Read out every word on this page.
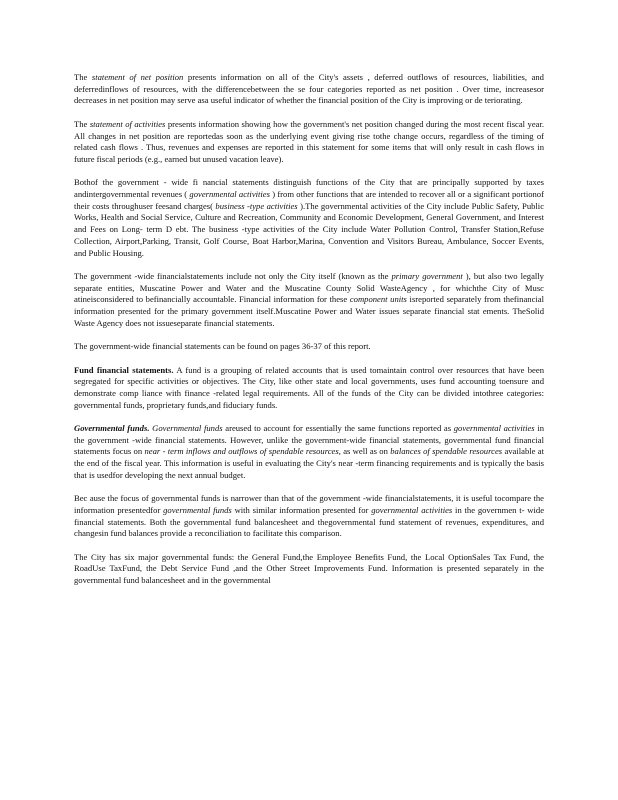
The statement of net position presents information on all of the City's assets , deferred outflows of resources, liabilities, and deferredinflows of resources, with the differencebetween the se four categories reported as net position . Over time, increasesor decreases in net position may serve asa useful indicator of whether the financial position of the City is improving or de teriorating.

The statement of activities presents information showing how the government's net position changed during the most recent fiscal year. All changes in net position are reportedas soon as the underlying event giving rise tothe change occurs, regardless of the timing of related cash flows . Thus, revenues and expenses are reported in this statement for some items that will only result in cash flows in future fiscal periods (e.g., earned but unused vacation leave).

Bothof the government - wide fi nancial statements distinguish functions of the City that are principally supported by taxes andintergovernmental revenues ( governmental activities ) from other functions that are intended to recover all or a significant portionof their costs throughuser feesand charges( business -type activities ).The governmental activities of the City include Public Safety, Public Works, Health and Social Service, Culture and Recreation, Community and Economic Development, General Government, and Interest and Fees on Long- term D ebt. The business -type activities of the City include Water Pollution Control, Transfer Station,Refuse Collection, Airport,Parking, Transit, Golf Course, Boat Harbor,Marina, Convention and Visitors Bureau, Ambulance, Soccer Events, and Public Housing.

The government -wide financialstatements include not only the City itself (known as the primary government ), but also two legally separate entities, Muscatine Power and Water and the Muscatine County Solid WasteAgency , for whichthe City of Musc atineisconsidered to befinancially accountable. Financial information for these component units isreported separately from thefinancial information presented for the primary government itself.Muscatine Power and Water issues separate financial stat ements. TheSolid Waste Agency does not issueseparate financial statements.

The government-wide financial statements can be found on pages 36-37 of this report.

Fund financial statements. A fund is a grouping of related accounts that is used tomaintain control over resources that have been segregated for specific activities or objectives. The City, like other state and local governments, uses fund accounting toensure and demonstrate comp liance with finance -related legal requirements. All of the funds of the City can be divided intothree categories: governmental funds, proprietary funds,and fiduciary funds.

Governmental funds. Governmental funds areused to account for essentially the same functions reported as governmental activities in the government -wide financial statements. However, unlike the government-wide financial statements, governmental fund financial statements focus on near - term inflows and outflows of spendable resources, as well as on balances of spendable resources available at the end of the fiscal year. This information is useful in evaluating the City's near -term financing requirements and is typically the basis that is usedfor developing the next annual budget.

Bec ause the focus of governmental funds is narrower than that of the government -wide financialstatements, it is useful tocompare the information presentedfor governmental funds with similar information presented for governmental activities in the governmen t- wide financial statements. Both the governmental fund balancesheet and thegovernmental fund statement of revenues, expenditures, and changesin fund balances provide a reconciliation to facilitate this comparison.

The City has six major governmental funds: the General Fund,the Employee Benefits Fund, the Local OptionSales Tax Fund, the RoadUse TaxFund, the Debt Service Fund ,and the Other Street Improvements Fund. Information is presented separately in the governmental fund balancesheet and in the governmental
